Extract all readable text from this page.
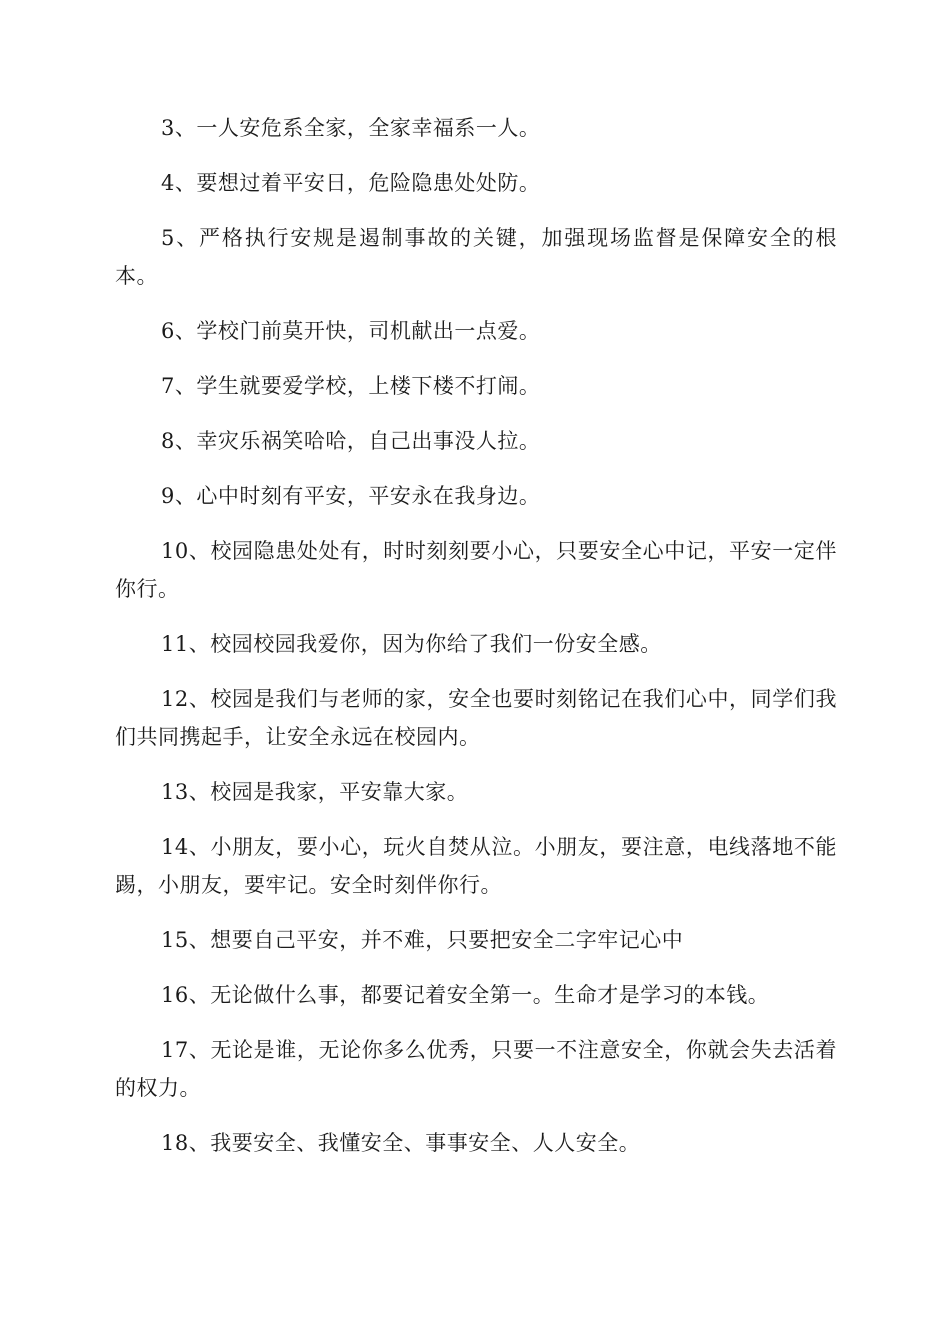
3、一人安危系全家，全家幸福系一人。

4、要想过着平安日，危险隐患处处防。

5、严格执行安规是遏制事故的关键，加强现场监督是保障安全的根本。

6、学校门前莫开快，司机献出一点爱。

7、学生就要爱学校，上楼下楼不打闹。

8、幸灾乐祸笑哈哈，自己出事没人拉。

9、心中时刻有平安，平安永在我身边。

10、校园隐患处处有，时时刻刻要小心，只要安全心中记，平安一定伴你行。

11、校园校园我爱你，因为你给了我们一份安全感。

12、校园是我们与老师的家，安全也要时刻铭记在我们心中，同学们我们共同携起手，让安全永远在校园内。

13、校园是我家，平安靠大家。

14、小朋友，要小心，玩火自焚从泣。小朋友，要注意，电线落地不能踢，小朋友，要牢记。安全时刻伴你行。

15、想要自己平安，并不难，只要把安全二字牢记心中

16、无论做什么事，都要记着安全第一。生命才是学习的本钱。

17、无论是谁，无论你多么优秀，只要一不注意安全，你就会失去活着的权力。

18、我要安全、我懂安全、事事安全、人人安全。
